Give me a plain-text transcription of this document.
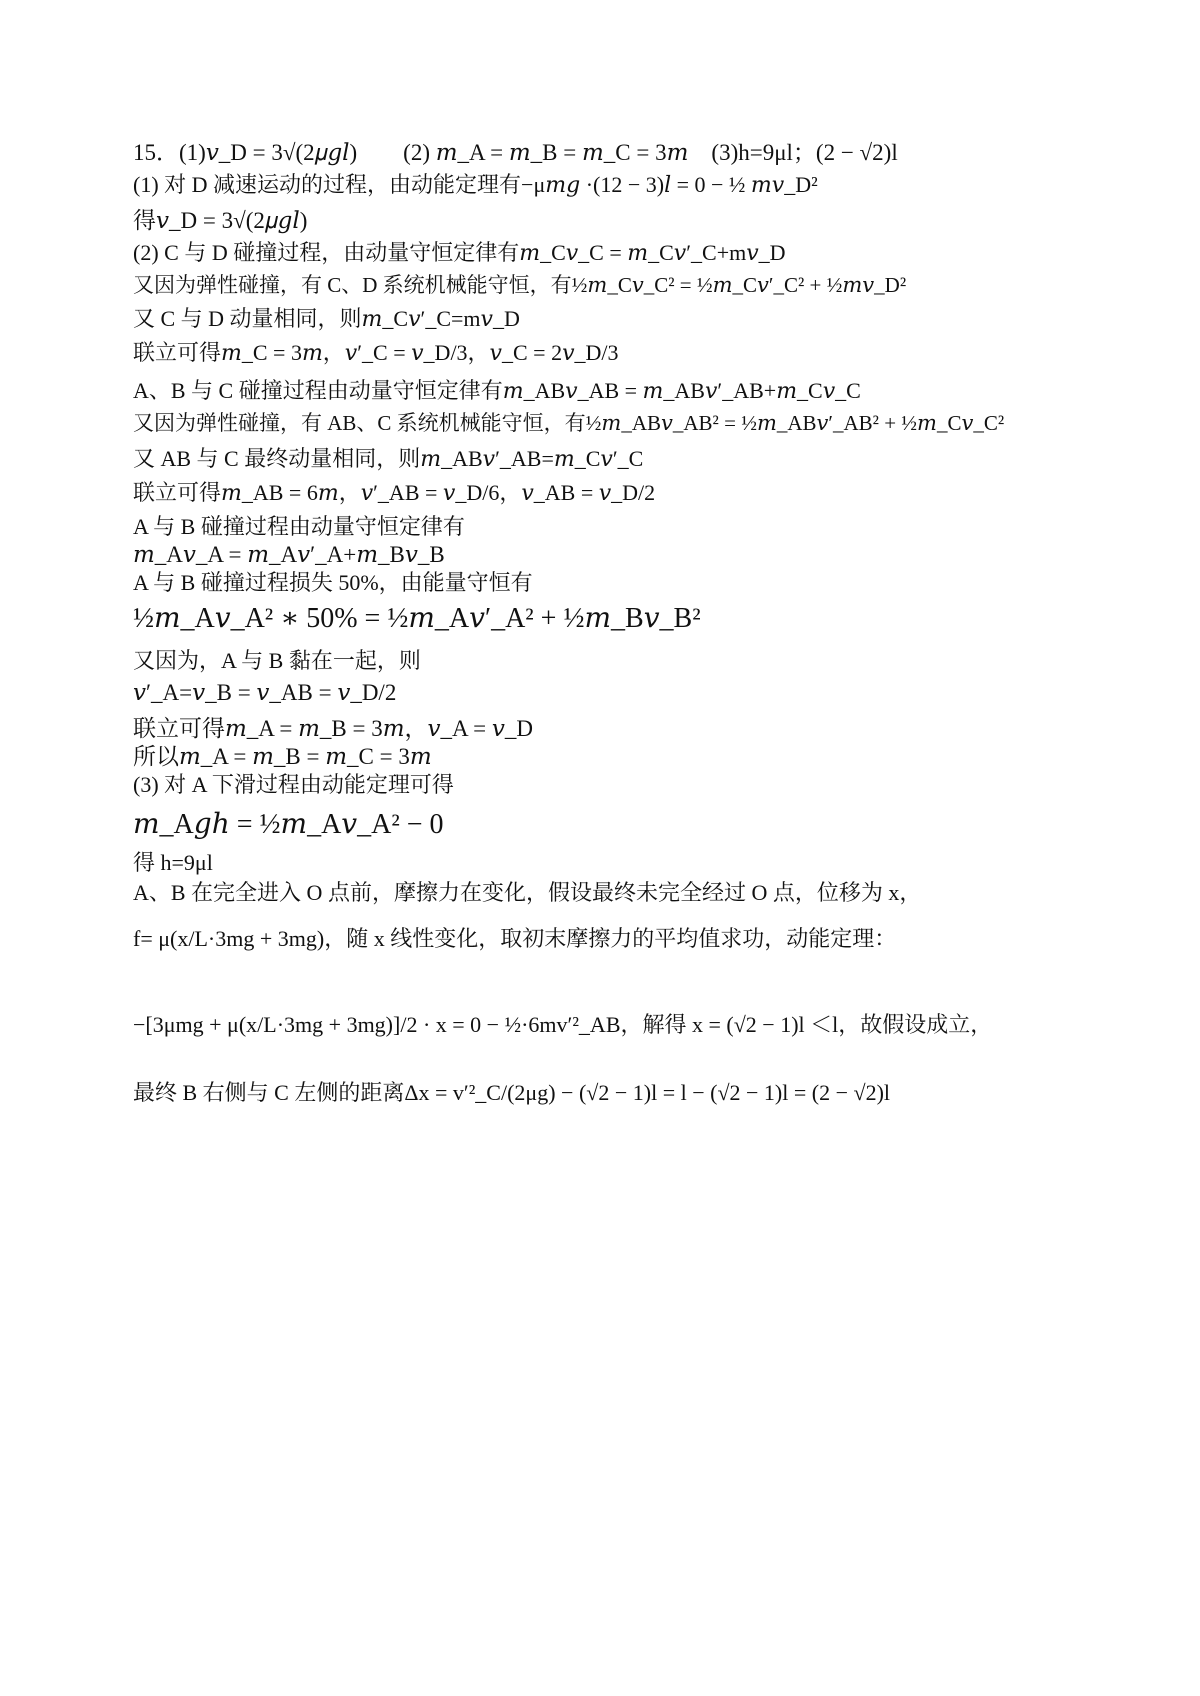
15．(1)𝑣_D = 3√(2𝜇𝑔𝑙)　　(2) 𝑚_A = 𝑚_B = 𝑚_C = 3𝑚　(3)h=9μl；(2 − √2)l
(1) 对 D 减速运动的过程，由动能定理有−μ𝑚𝑔 ·(12 − 3)𝑙 = 0 − ½ 𝑚𝑣_D²
得𝑣_D = 3√(2𝜇𝑔𝑙)
(2) C 与 D 碰撞过程，由动量守恒定律有𝑚_C𝑣_C = 𝑚_C𝑣′_C+m𝑣_D
又因为弹性碰撞，有 C、D 系统机械能守恒，有½𝑚_C𝑣_C² = ½𝑚_C𝑣′_C² + ½𝑚𝑣_D²
又 C 与 D 动量相同，则𝑚_C𝑣′_C=m𝑣_D
联立可得𝑚_C = 3𝑚，𝑣′_C = 𝑣_D/3，𝑣_C = 2𝑣_D/3
A、B 与 C 碰撞过程由动量守恒定律有𝑚_AB𝑣_AB = 𝑚_AB𝑣′_AB+𝑚_C𝑣_C
又因为弹性碰撞，有 AB、C 系统机械能守恒，有½𝑚_AB𝑣_AB² = ½𝑚_AB𝑣′_AB² + ½𝑚_C𝑣_C²
又 AB 与 C 最终动量相同，则𝑚_AB𝑣′_AB=𝑚_C𝑣′_C
联立可得𝑚_AB = 6𝑚，𝑣′_AB = 𝑣_D/6，𝑣_AB = 𝑣_D/2
A 与 B 碰撞过程由动量守恒定律有
𝑚_A𝑣_A = 𝑚_A𝑣′_A+𝑚_B𝑣_B
A 与 B 碰撞过程损失 50%，由能量守恒有
½𝑚_A𝑣_A² ∗ 50% = ½𝑚_A𝑣′_A² + ½𝑚_B𝑣_B²
又因为，A 与 B 黏在一起，则
𝑣′_A=𝑣_B = 𝑣_AB = 𝑣_D/2
联立可得𝑚_A = 𝑚_B = 3𝑚，𝑣_A = 𝑣_D
所以𝑚_A = 𝑚_B = 𝑚_C = 3𝑚
(3) 对 A 下滑过程由动能定理可得
𝑚_A𝑔ℎ = ½𝑚_A𝑣_A² − 0
得 h=9μl
A、B 在完全进入 O 点前，摩擦力在变化，假设最终未完全经过 O 点，位移为 x，
f= μ(x/L·3mg + 3mg)，随 x 线性变化，取初末摩擦力的平均值求功，动能定理：
−[3μmg + μ(x/L·3mg + 3mg)]/2 · x = 0 − ½·6mv′²_AB，解得 x = (√2 − 1)l ＜l，故假设成立，
最终 B 右侧与 C 左侧的距离Δx = v′²_C/(2μg) − (√2 − 1)l = l − (√2 − 1)l = (2 − √2)l
